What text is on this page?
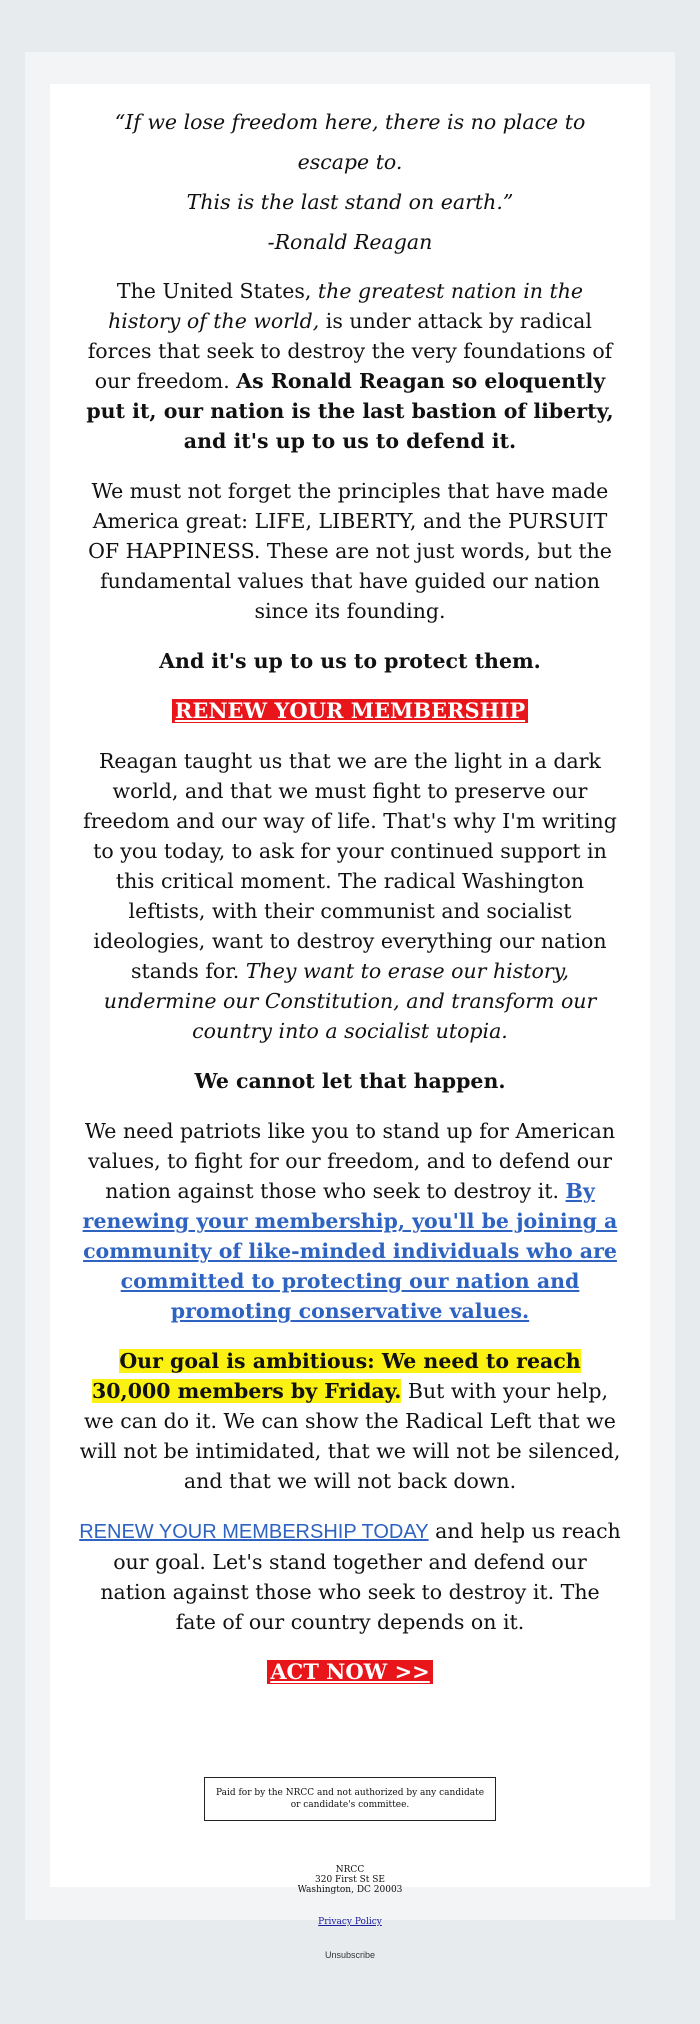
“If we lose freedom here, there is no place to escape to.

This is the last stand on earth.”

-Ronald Reagan

The United States, the greatest nation in the history of the world, is under attack by radical forces that seek to destroy the very foundations of our freedom. As Ronald Reagan so eloquently put it, our nation is the last bastion of liberty, and it's up to us to defend it.

We must not forget the principles that have made America great: LIFE, LIBERTY, and the PURSUIT OF HAPPINESS. These are not just words, but the fundamental values that have guided our nation since its founding.

And it's up to us to protect them.

RENEW YOUR MEMBERSHIP

Reagan taught us that we are the light in a dark world, and that we must fight to preserve our freedom and our way of life. That's why I'm writing to you today, to ask for your continued support in this critical moment. The radical Washington leftists, with their communist and socialist ideologies, want to destroy everything our nation stands for. They want to erase our history, undermine our Constitution, and transform our country into a socialist utopia.

We cannot let that happen.

We need patriots like you to stand up for American values, to fight for our freedom, and to defend our nation against those who seek to destroy it. By renewing your membership, you'll be joining a community of like-minded individuals who are committed to protecting our nation and promoting conservative values.

Our goal is ambitious: We need to reach 30,000 members by Friday. But with your help, we can do it. We can show the Radical Left that we will not be intimidated, that we will not be silenced, and that we will not back down.

RENEW YOUR MEMBERSHIP TODAY and help us reach our goal. Let's stand together and defend our nation against those who seek to destroy it. The fate of our country depends on it.

ACT NOW >>

Paid for by the NRCC and not authorized by any candidate or candidate's committee.
NRCC
320 First St SE
Washington, DC 20003
Privacy Policy
Unsubscribe
